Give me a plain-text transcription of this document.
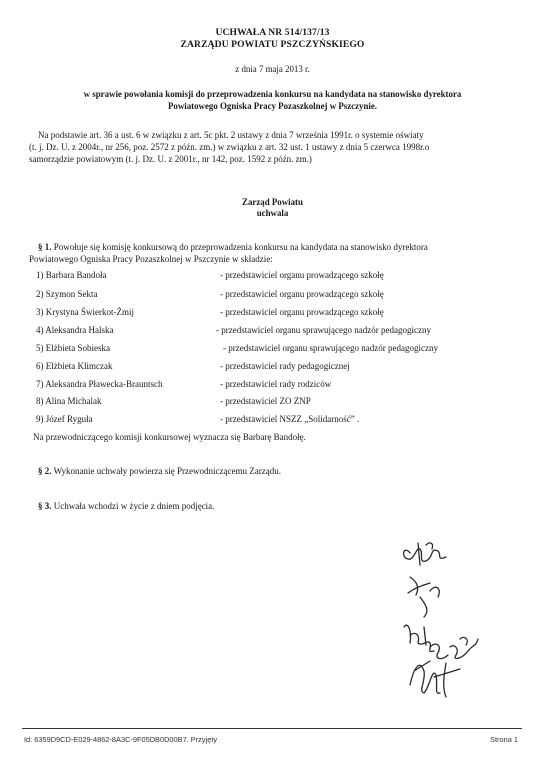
UCHWAŁA NR 514/137/13
ZARZĄDU POWIATU PSZCZYŃSKIEGO
z dnia 7 maja 2013 r.
w sprawie powołania komisji do przeprowadzenia konkursu na kandydata na stanowisko dyrektora
Powiatowego Ogniska Pracy Pozaszkolnej w Pszczynie.
Na podstawie art. 36 a ust. 6 w związku z art. 5c pkt. 2 ustawy z dnia 7 września 1991r. o systemie oświaty
(t. j. Dz. U. z 2004r., nr 256, poz. 2572 z późn. zm.) w związku z art. 32 ust. 1 ustawy z dnia 5 czerwca 1998r.o
samorządzie powiatowym (t. j. Dz. U. z 2001r., nr 142, poz. 1592 z późn. zm.)
Zarząd Powiatu
uchwala
§ 1. Powołuje się komisję konkursową do przeprowadzenia konkursu na kandydata na stanowisko dyrektora
Powiatowego Ogniska Pracy Pozaszkolnej w Pszczynie w składzie:
1) Barbara Bandoła	- przedstawiciel organu prowadzącego szkołę
2) Szymon Sekta	- przedstawiciel organu prowadzącego szkołę
3) Krystyna Świerkot-Żmij	- przedstawiciel organu prowadzącego szkołę
4) Aleksandra Halska	- przedstawiciel organu sprawującego nadzór pedagogiczny
5) Elżbieta Sobieska	- przedstawiciel organu sprawującego nadzór pedagogiczny
6) Elżbieta Klimczak	- przedstawiciel rady pedagogicznej
7) Aleksandra Pławecka-Brauntsch	- przedstawiciel rady rodziców
8) Alina Michalak	- przedstawiciel ZO ZNP
9) Józef Ryguła	- przedstawiciel NSZZ „Solidarność” .
Na przewodniczącego komisji konkursowej wyznacza się Barbarę Bandołę.
§ 2. Wykonanie uchwały powierza się Przewodniczącemu Zarządu.
§ 3. Uchwała wchodzi w życie z dniem podjęcia.
Id: 6359D9CD-E029-4862-8A3C-9F05DB0D00B7. Przyjęty	Strona 1
